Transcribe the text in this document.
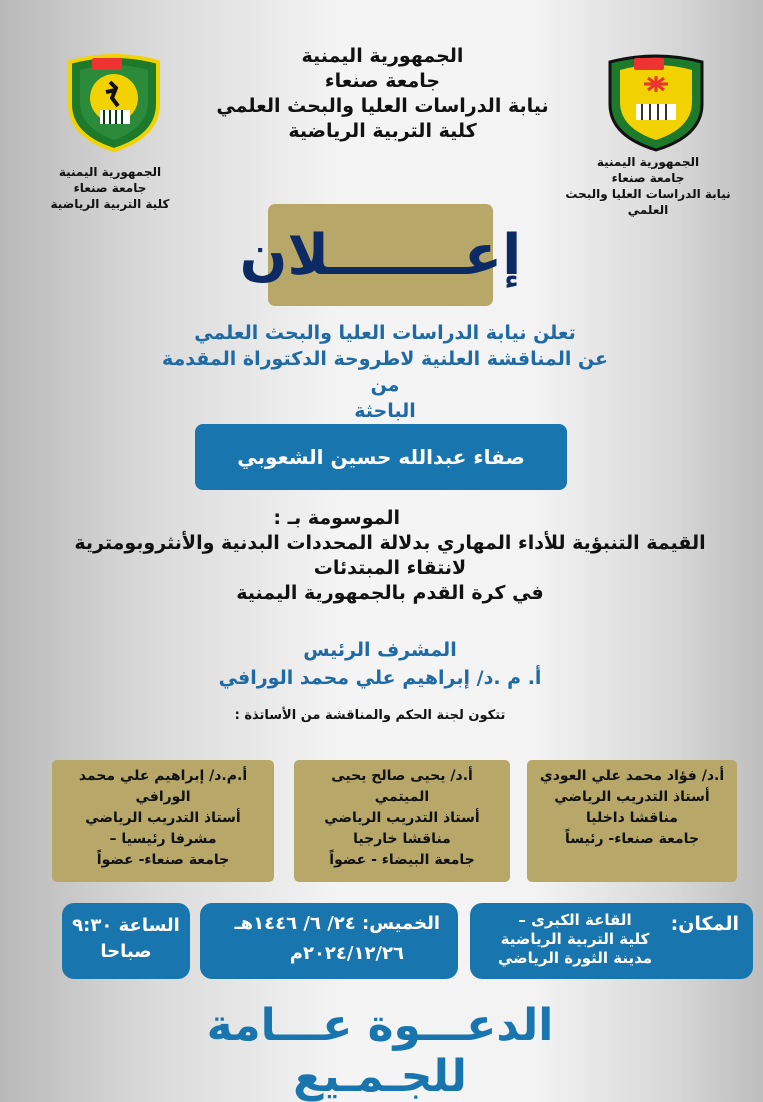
الجمهورية اليمنية
جامعة صنعاء
نيابة الدراسات العليا والبحث العلمي
كلية التربية الرياضية
الجمهورية اليمنية
جامعة صنعاء
كلية التربية الرياضية
الجمهورية اليمنية
جامعة صنعاء
نيابة الدراسات العليا والبحث العلمي
إعـــــــلان
تعلن نيابة الدراسات العليا والبحث العلمي
عن المناقشة العلنية لاطروحة الدكتوراة المقدمة من
الباحثة
صفاء عبدالله حسين الشعوبي
الموسومة بـ :
القيمة التنبؤية للأداء المهاري بدلالة المحددات البدنية والأنثروبومترية
لانتقاء المبتدئات
في كرة القدم بالجمهورية اليمنية
المشرف الرئيس
أ. م .د/ إبراهيم علي محمد الورافي
تتكون لجنة الحكم والمناقشة من الأساتذة :
أ.د/ فؤاد محمد علي العودي
أستاذ التدريب الرياضي
مناقشا داخليا
جامعة صنعاء- رئيساً
أ.د/ يحيى صالح يحيى الميتمي
أستاذ التدريب الرياضي
مناقشا خارجيا
جامعة البيضاء - عضواً
أ.م.د/ إبراهيم علي محمد
الورافي
أستاذ التدريب الرياضي
مشرفا رئيسيا –
جامعة صنعاء- عضواً
المكان:
القاعة الكبرى –
كلية التربية الرياضية
مدينة الثورة الرياضي
الخميس: ٢٤/ ٦/ ١٤٤٦هـ
٢٠٢٤/١٢/٢٦م
الساعة ٩:٣٠
صباحا
الدعـــوة عـــامة للجـمـيع
